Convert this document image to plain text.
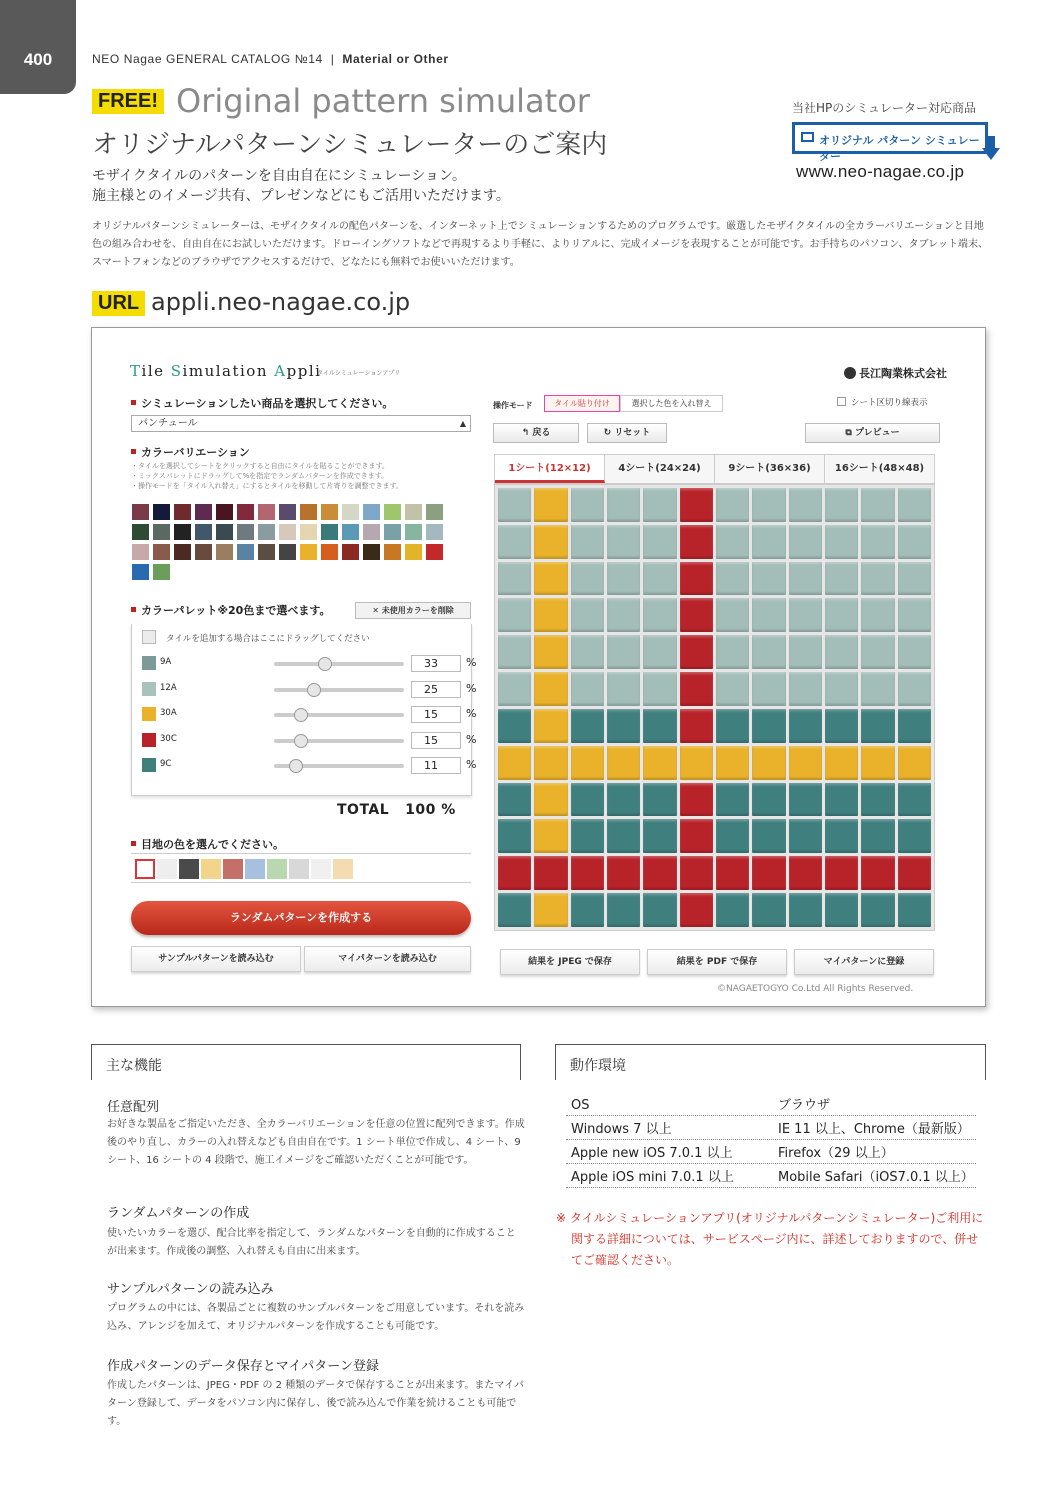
400	NEO Nagae GENERAL CATALOG №14 | Material or Other
FREE! Original pattern simulator
オリジナルパターンシミュレーターのご案内
モザイクタイルのパターンを自由自在にシミュレーション。
施主様とのイメージ共有、プレゼンなどにもご活用いただけます。
当社HPのシミュレーター対応商品
オリジナル パターン シミュレーター
www.neo-nagae.co.jp
オリジナルパターンシミュレーターは、モザイクタイルの配色パターンを、インターネット上でシミュレーションするためのプログラムです。厳選したモザイクタイルの全カラーバリエーションと目地色の組み合わせを、自由自在にお試しいただけます。ドローイングソフトなどで再現するより手軽に、よりリアルに、完成イメージを表現することが可能です。お手持ちのパソコン、タブレット端末、スマートフォンなどのブラウザでアクセスするだけで、どなたにも無料でお使いいただけます。
URL appli.neo-nagae.co.jp
Tile Simulation Appli
タイルシミュレーションアプリ	長江陶業株式会社
シミュレーションしたい商品を選択してください。
パンチュール	▲

カラーバリエーション
・タイルを選択してシートをクリックすると自由にタイルを貼ることができます。
・ミックスパレットにドラッグして%を指定でランダムパターンを作成できます。
・操作モードを「タイル入れ替え」にするとタイルを移動して片寄りを調整できます。
カラーパレット※20色まで選べます。	✕ 未使用カラーを削除
タイルを追加する場合はここにドラッグしてください
9A	33	%
12A	25	%
30A	15	%
30C	15	%
9C	11	%
TOTAL 100 %
目地の色を選んでください。
ランダムパターンを作成する
サンプルパターンを読み込む	マイパターンを読み込む
操作モード	タイル貼り付け	選択した色を入れ替え	シート区切り線表示
↰ 戻る	↻ リセット	⧉ プレビュー
1シート(12×12)	4シート(24×24)	9シート(36×36)	16シート(48×48)
結果を JPEG で保存	結果を PDF で保存	マイパターンに登録
©NAGAETOGYO Co.Ltd All Rights Reserved.
主な機能
任意配列
お好きな製品をご指定いただき、全カラーバリエーションを任意の位置に配列できます。作成後のやり直し、カラーの入れ替えなども自由自在です。1 シート単位で作成し、4 シート、9 シート、16 シートの 4 段階で、施工イメージをご確認いただくことが可能です。
ランダムパターンの作成
使いたいカラーを選び、配合比率を指定して、ランダムなパターンを自動的に作成することが出来ます。作成後の調整、入れ替えも自由に出来ます。
サンプルパターンの読み込み
プログラムの中には、各製品ごとに複数のサンプルパターンをご用意しています。それを読み込み、アレンジを加えて、オリジナルパターンを作成することも可能です。
作成パターンのデータ保存とマイパターン登録
作成したパターンは、JPEG・PDF の 2 種類のデータで保存することが出来ます。またマイパターン登録して、データをパソコン内に保存し、後で読み込んで作業を続けることも可能です。
動作環境
OS	ブラウザ
Windows 7 以上	IE 11 以上、Chrome（最新版）
Apple new iOS 7.0.1 以上	Firefox（29 以上）
Apple iOS mini 7.0.1 以上	Mobile Safari（iOS7.0.1 以上）
※ タイルシミュレーションアプリ(オリジナルパターンシミュレーター)ご利用に関する詳細については、サービスページ内に、詳述しておりますので、併せてご確認ください。
